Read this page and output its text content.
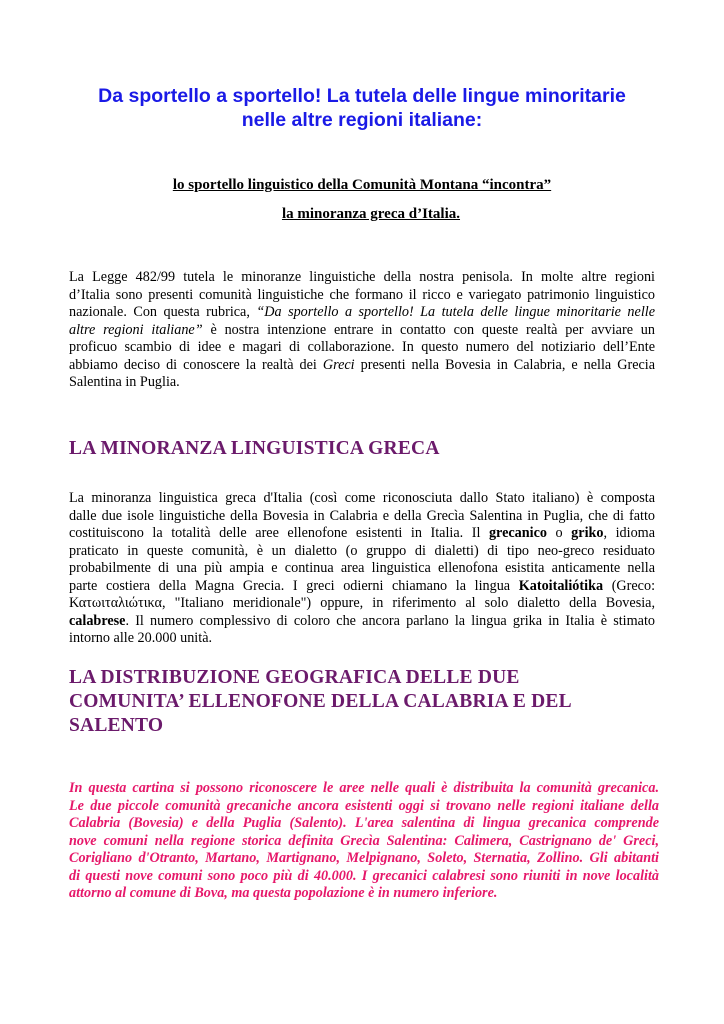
Da sportello a sportello! La tutela delle lingue minoritarie
nelle altre regioni italiane:

lo sportello linguistico della Comunità Montana “incontra”

la minoranza greca d’Italia.

La Legge 482/99 tutela le minoranze linguistiche della nostra penisola. In molte altre regioni
d’Italia sono presenti comunità linguistiche che formano il ricco e variegato patrimonio linguistico
nazionale. Con questa rubrica, “Da sportello a sportello! La tutela delle lingue minoritarie nelle
altre regioni italiane” è nostra intenzione entrare in contatto con queste realtà per avviare un
proficuo scambio di idee e magari di collaborazione. In questo numero del notiziario dell’Ente
abbiamo deciso di conoscere la realtà dei Greci presenti nella Bovesia in Calabria, e nella Grecia
Salentina in Puglia.
LA MINORANZA LINGUISTICA GRECA
La minoranza linguistica greca d'Italia (così come riconosciuta dallo Stato italiano) è composta
dalle due isole linguistiche della Bovesia in Calabria e della Grecìa Salentina in Puglia, che di fatto
costituiscono la totalità delle aree ellenofone esistenti in Italia. Il grecanico o griko, idioma
praticato in queste comunità, è un dialetto (o gruppo di dialetti) di tipo neo-greco residuato
probabilmente di una più ampia e continua area linguistica ellenofona esistita anticamente nella
parte costiera della Magna Grecia. I greci odierni chiamano la lingua Katoitaliótika (Greco:
Κατωιταλιώτικα, "Italiano meridionale") oppure, in riferimento al solo dialetto della Bovesia,
calabrese. Il numero complessivo di coloro che ancora parlano la lingua grika in Italia è stimato
intorno alle 20.000 unità.
LA DISTRIBUZIONE GEOGRAFICA DELLE DUE
COMUNITA’ ELLENOFONE DELLA CALABRIA E DEL
SALENTO
In questa cartina si possono riconoscere le aree nelle quali è distribuita la comunità grecanica.
Le due piccole comunità grecaniche ancora esistenti oggi si trovano nelle regioni italiane della
Calabria (Bovesia) e della Puglia (Salento). L'area salentina di lingua grecanica comprende
nove comuni nella regione storica definita Grecìa Salentina: Calimera, Castrignano de' Greci,
Corigliano d'Otranto, Martano, Martignano, Melpignano, Soleto, Sternatia, Zollino. Gli abitanti
di questi nove comuni sono poco più di 40.000. I grecanici calabresi sono riuniti in nove località
attorno al comune di Bova, ma questa popolazione è in numero inferiore.
